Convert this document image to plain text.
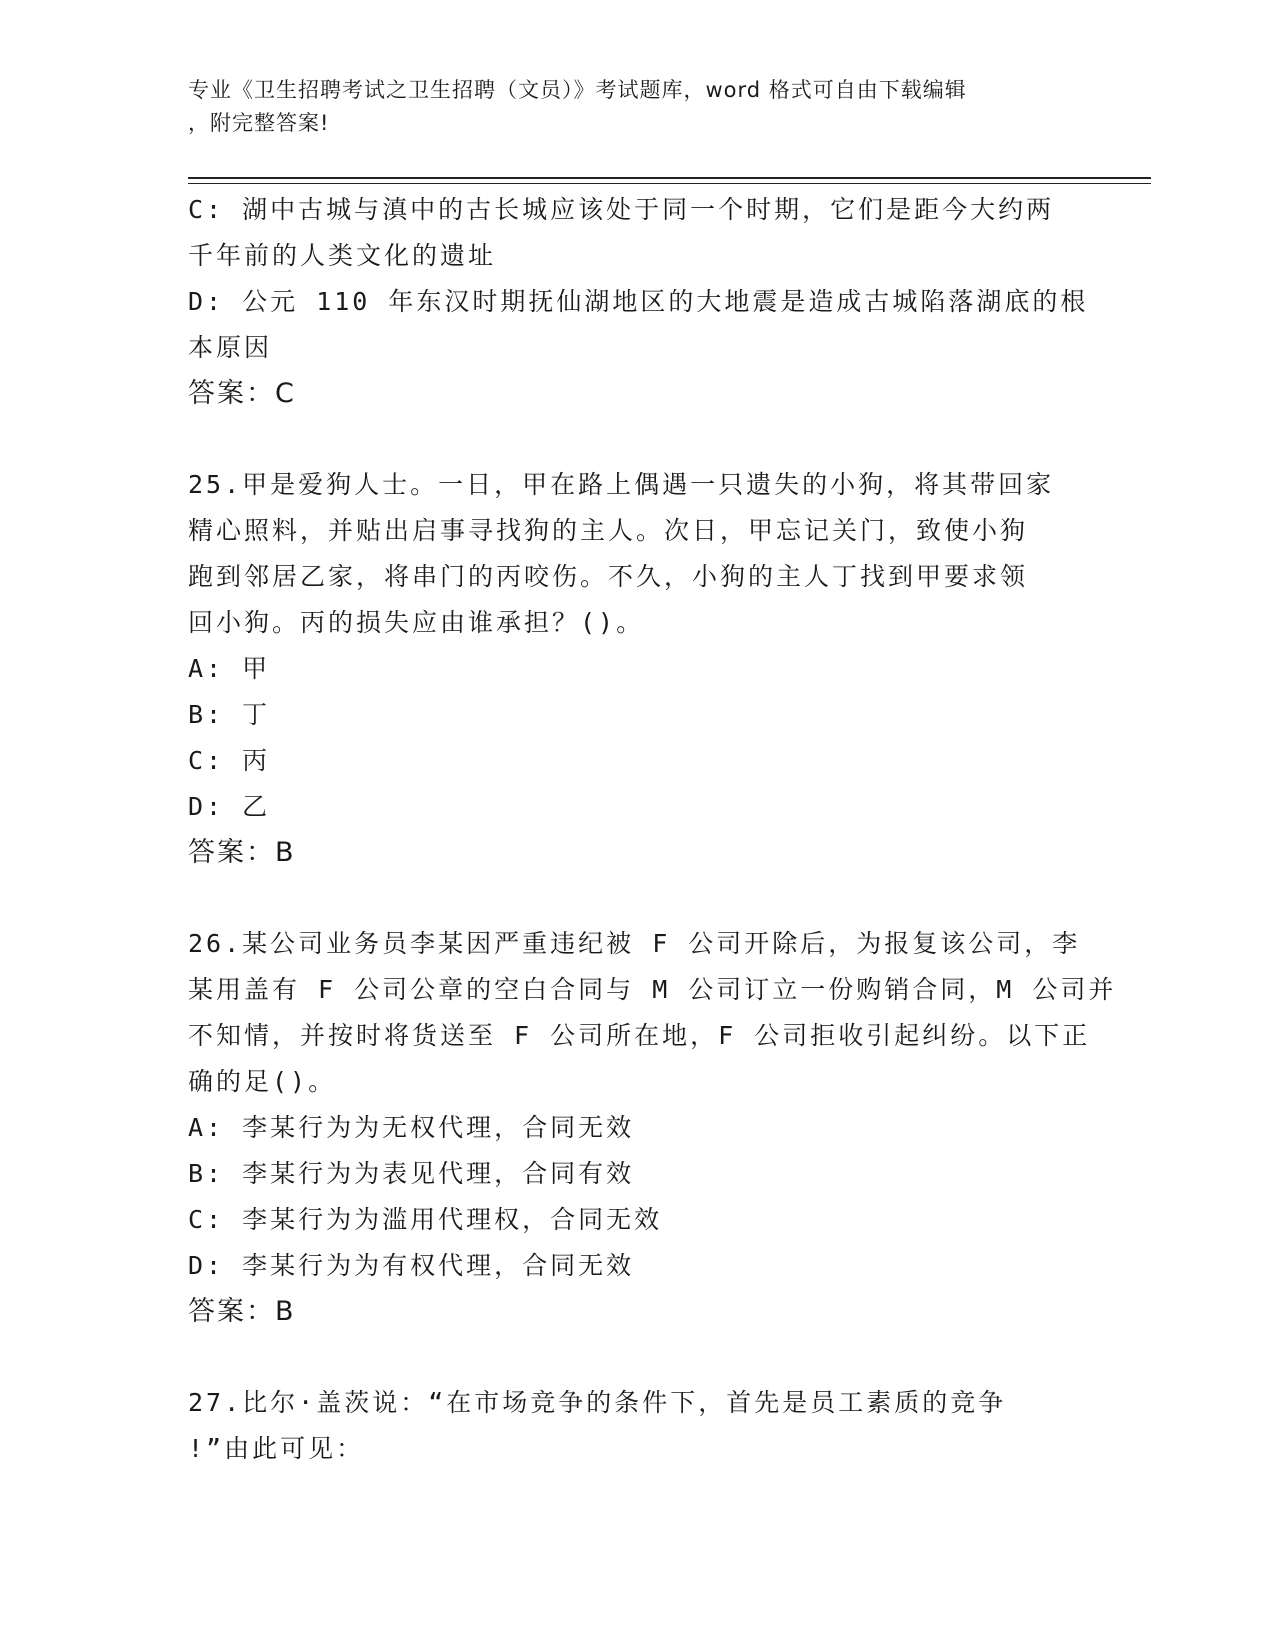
专业《卫生招聘考试之卫生招聘（文员）》考试题库，word 格式可自由下载编辑
，附完整答案!
C: 湖中古城与滇中的古长城应该处于同一个时期，它们是距今大约两
千年前的人类文化的遗址
D: 公元 110 年东汉时期抚仙湖地区的大地震是造成古城陷落湖底的根
本原因
答案：C
25.甲是爱狗人士。一日，甲在路上偶遇一只遗失的小狗，将其带回家
精心照料，并贴出启事寻找狗的主人。次日，甲忘记关门，致使小狗
跑到邻居乙家，将串门的丙咬伤。不久，小狗的主人丁找到甲要求领
回小狗。丙的损失应由谁承担？()。
A: 甲
B: 丁
C: 丙
D: 乙
答案：B
26.某公司业务员李某因严重违纪被 F 公司开除后，为报复该公司，李
某用盖有 F 公司公章的空白合同与 M 公司订立一份购销合同，M 公司并
不知情，并按时将货送至 F 公司所在地，F 公司拒收引起纠纷。以下正
确的足()。
A: 李某行为为无权代理，合同无效
B: 李某行为为表见代理，合同有效
C: 李某行为为滥用代理权，合同无效
D: 李某行为为有权代理，合同无效
答案：B
27.比尔·盖茨说：“在市场竞争的条件下，首先是员工素质的竞争
!”由此可见：
